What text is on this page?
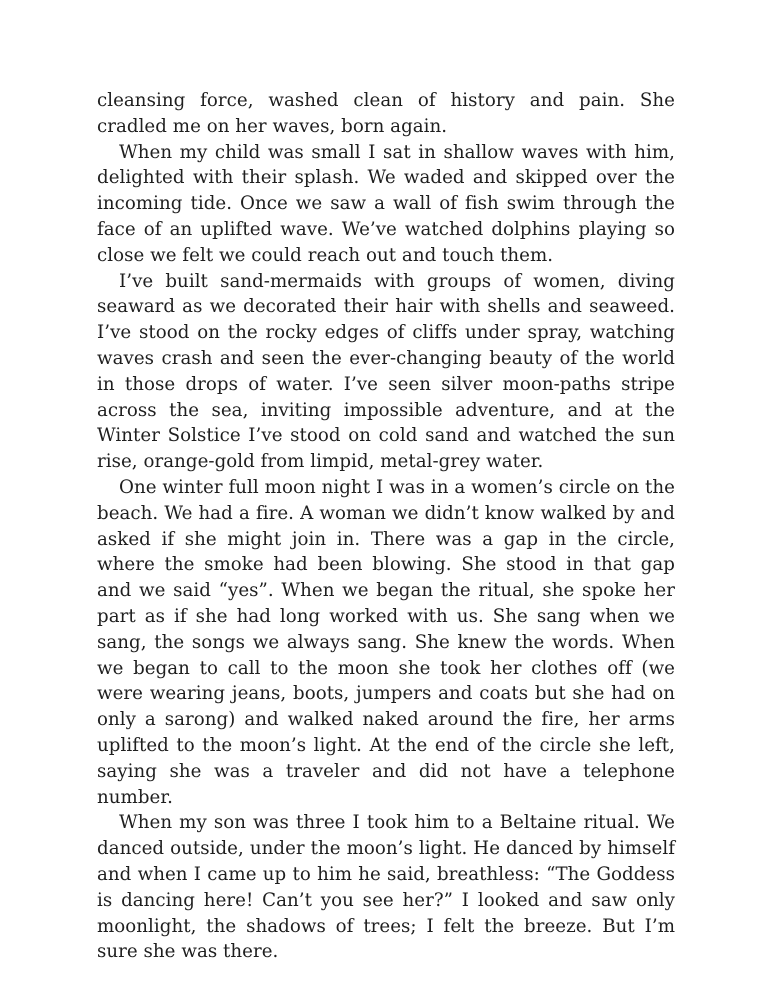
cleansing force, washed clean of history and pain. She cradled me on her waves, born again.

When my child was small I sat in shallow waves with him, delighted with their splash. We waded and skipped over the incoming tide. Once we saw a wall of fish swim through the face of an uplifted wave. We’ve watched dolphins playing so close we felt we could reach out and touch them.

I’ve built sand-mermaids with groups of women, diving seaward as we decorated their hair with shells and seaweed. I’ve stood on the rocky edges of cliffs under spray, watching waves crash and seen the ever-changing beauty of the world in those drops of water. I’ve seen silver moon-paths stripe across the sea, inviting impossible adventure, and at the Winter Solstice I’ve stood on cold sand and watched the sun rise, orange-gold from limpid, metal-grey water.

One winter full moon night I was in a women’s circle on the beach. We had a fire. A woman we didn’t know walked by and asked if she might join in. There was a gap in the circle, where the smoke had been blowing. She stood in that gap and we said “yes”. When we began the ritual, she spoke her part as if she had long worked with us. She sang when we sang, the songs we always sang. She knew the words. When we began to call to the moon she took her clothes off (we were wearing jeans, boots, jumpers and coats but she had on only a sarong) and walked naked around the fire, her arms uplifted to the moon’s light. At the end of the circle she left, saying she was a traveler and did not have a telephone number.

When my son was three I took him to a Beltaine ritual. We danced outside, under the moon’s light. He danced by himself and when I came up to him he said, breathless: “The Goddess is dancing here! Can’t you see her?” I looked and saw only moonlight, the shadows of trees; I felt the breeze. But I’m sure she was there.
